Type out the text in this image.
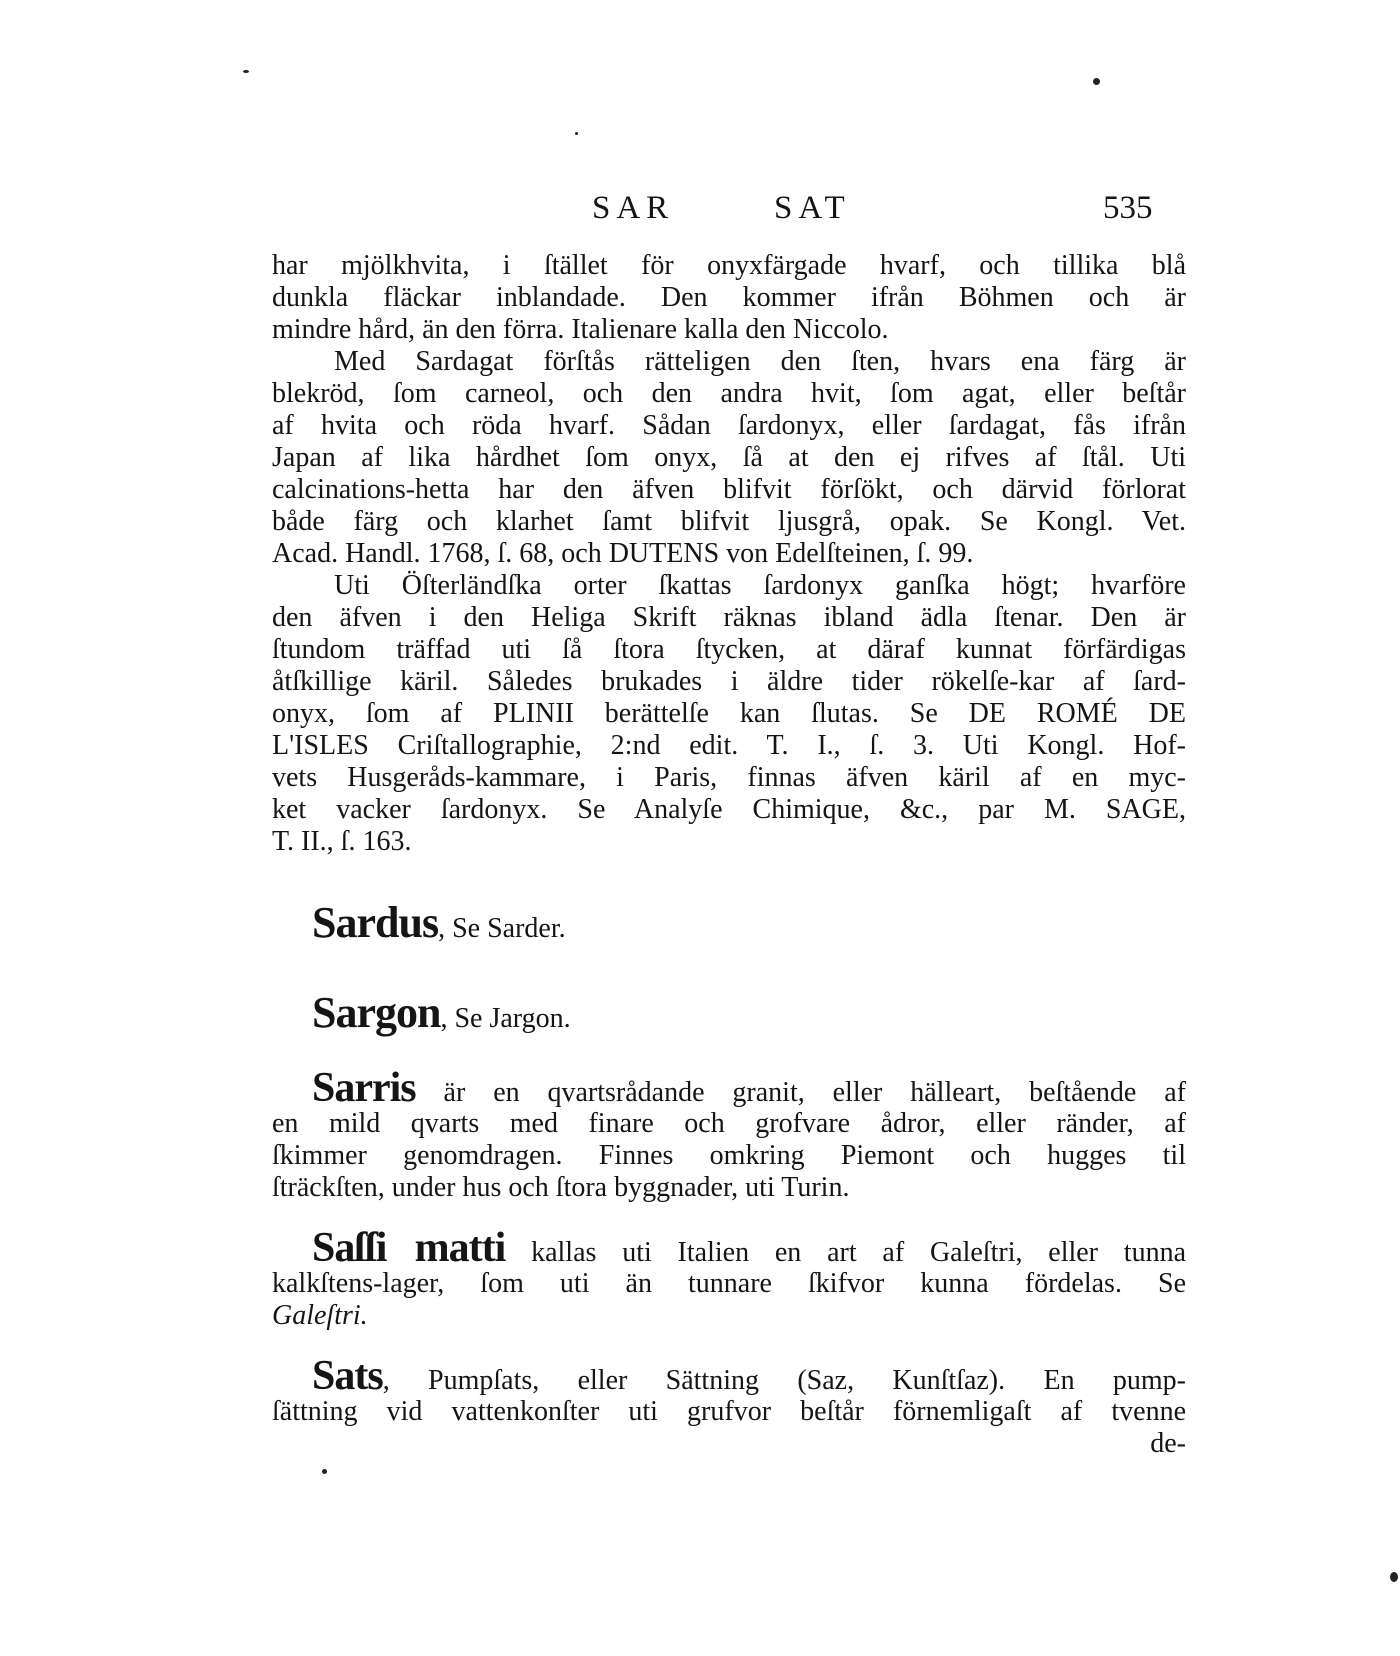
SAR	SAT	535
har mjölkhvita, i ſtället för onyxfärgade hvarf, och tillika blå
dunkla fläckar inblandade. Den kommer ifrån Böhmen och är
mindre hård, än den förra. Italienare kalla den Niccolo.
Med Sardagat förſtås rätteligen den ſten, hvars ena färg är
blekröd, ſom carneol, och den andra hvit, ſom agat, eller beſtår
af hvita och röda hvarf. Sådan ſardonyx, eller ſardagat, fås ifrån
Japan af lika hårdhet ſom onyx, ſå at den ej rifves af ſtål. Uti
calcinations-hetta har den äfven blifvit förſökt, och därvid förlorat
både färg och klarhet ſamt blifvit ljusgrå, opak. Se Kongl. Vet.
Acad. Handl. 1768, ſ. 68, och DUTENS von Edelſteinen, ſ. 99.
Uti Öſterländſka orter ſkattas ſardonyx ganſka högt; hvarföre
den äfven i den Heliga Skrift räknas ibland ädla ſtenar. Den är
ſtundom träffad uti ſå ſtora ſtycken, at däraf kunnat förfärdigas
åtſkillige käril. Således brukades i äldre tider rökelſe-kar af ſard-
onyx, ſom af PLINII berättelſe kan ſlutas. Se DE ROMÉ DE
L'ISLES Criſtallographie, 2:nd edit. T. I., ſ. 3. Uti Kongl. Hof-
vets Husgeråds-kammare, i Paris, finnas äfven käril af en myc-
ket vacker ſardonyx. Se Analyſe Chimique, &c., par M. SAGE,
T. II., ſ. 163.
Sardus, Se Sarder.
Sargon, Se Jargon.
Sarris är en qvartsrådande granit, eller hälleart, beſtående af
en mild qvarts med finare och grofvare ådror, eller ränder, af
ſkimmer genomdragen. Finnes omkring Piemont och hugges til
ſträckſten, under hus och ſtora byggnader, uti Turin.
Saſſi matti kallas uti Italien en art af Galeſtri, eller tunna
kalkſtens-lager, ſom uti än tunnare ſkifvor kunna fördelas. Se
Galeſtri.
Sats, Pumpſats, eller Sättning (Saz, Kunſtſaz). En pump-
ſättning vid vattenkonſter uti grufvor beſtår förnemligaſt af tvenne
de-
